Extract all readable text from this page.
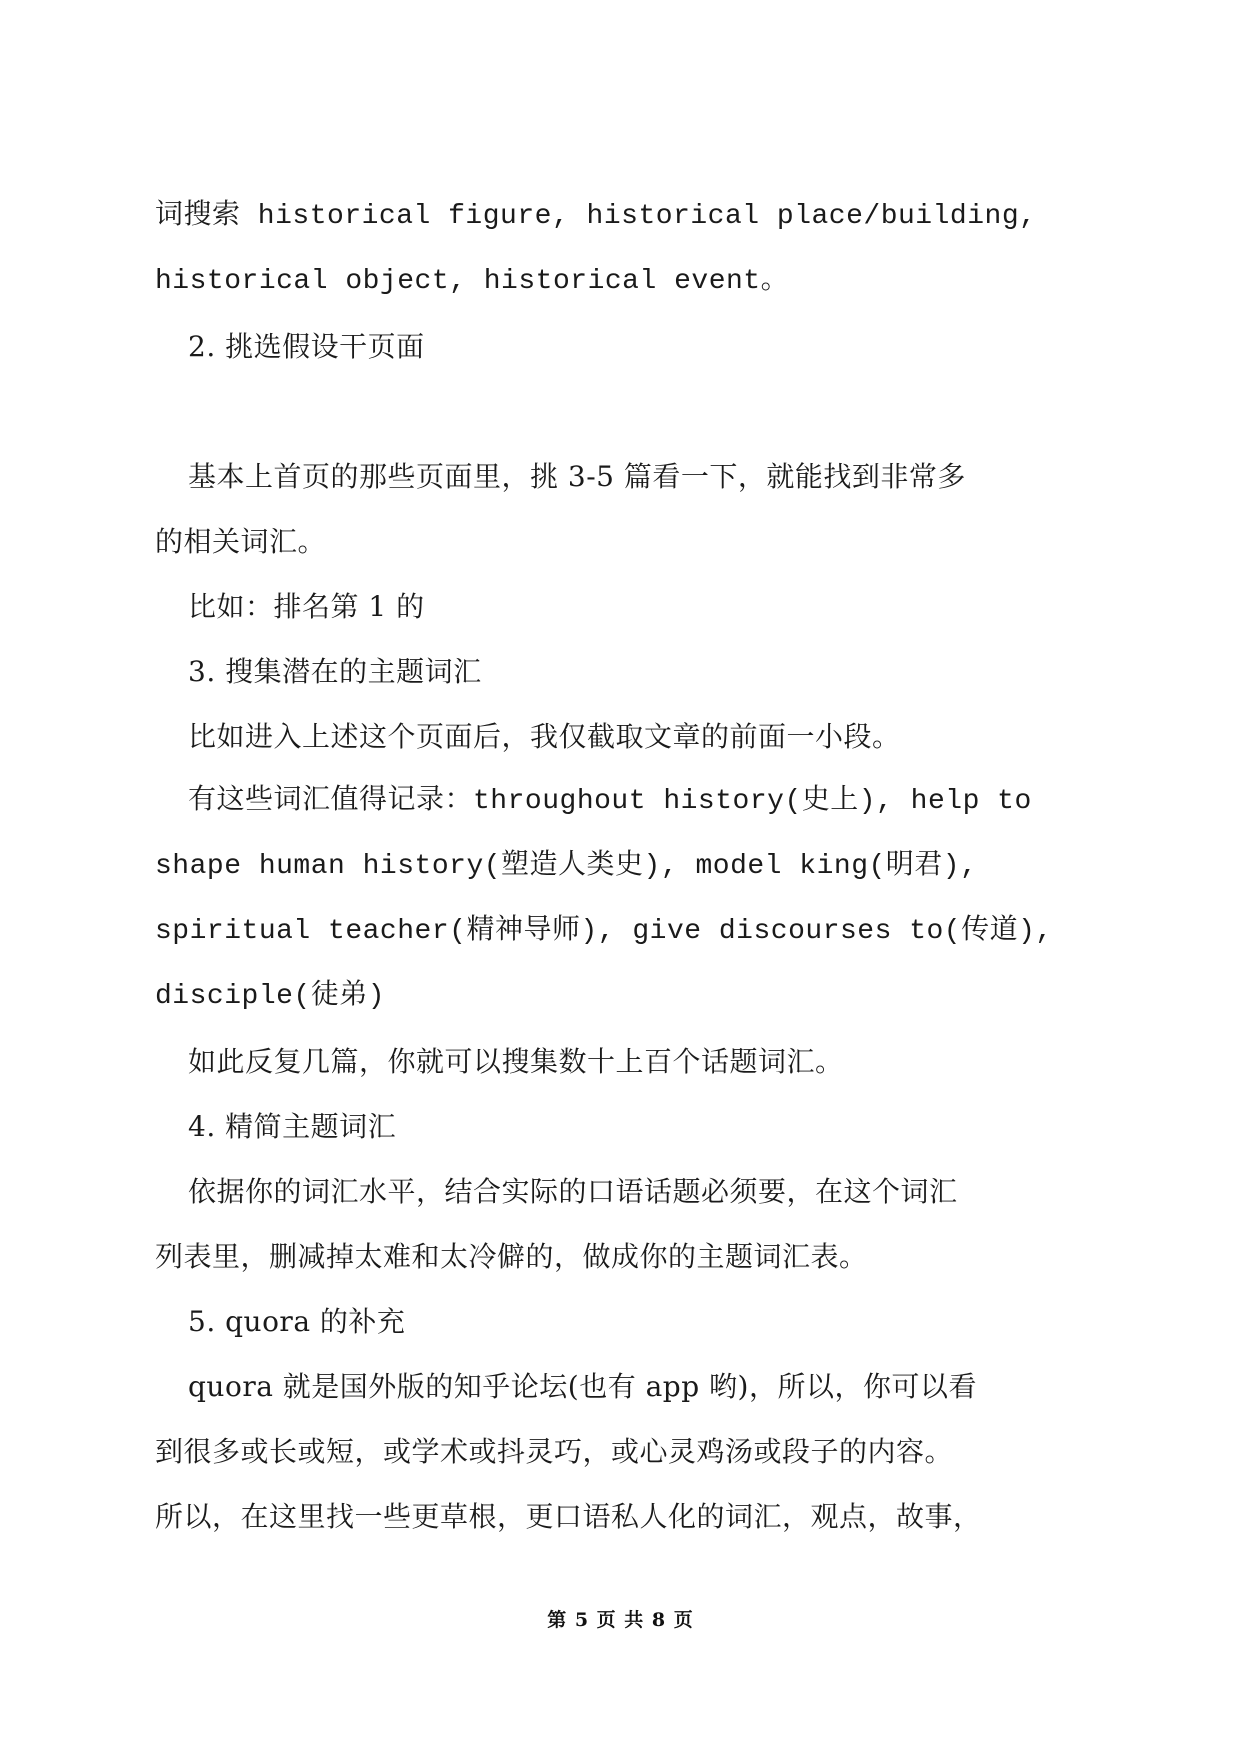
词搜索 historical figure, historical place/building,
historical object, historical event。
2. 挑选假设干页面
基本上首页的那些页面里，挑 3-5 篇看一下，就能找到非常多
的相关词汇。
比如：排名第 1 的
3. 搜集潜在的主题词汇
比如进入上述这个页面后，我仅截取文章的前面一小段。
有这些词汇值得记录：throughout history(史上), help to
shape human history(塑造人类史), model king(明君),
spiritual teacher(精神导师), give discourses to(传道),
disciple(徒弟)
如此反复几篇，你就可以搜集数十上百个话题词汇。
4. 精简主题词汇
依据你的词汇水平，结合实际的口语话题必须要，在这个词汇
列表里，删减掉太难和太冷僻的，做成你的主题词汇表。
5. quora 的补充
quora 就是国外版的知乎论坛(也有 app 哟)，所以，你可以看
到很多或长或短，或学术或抖灵巧，或心灵鸡汤或段子的内容。
所以，在这里找一些更草根，更口语私人化的词汇，观点，故事，
第 5 页 共 8 页
